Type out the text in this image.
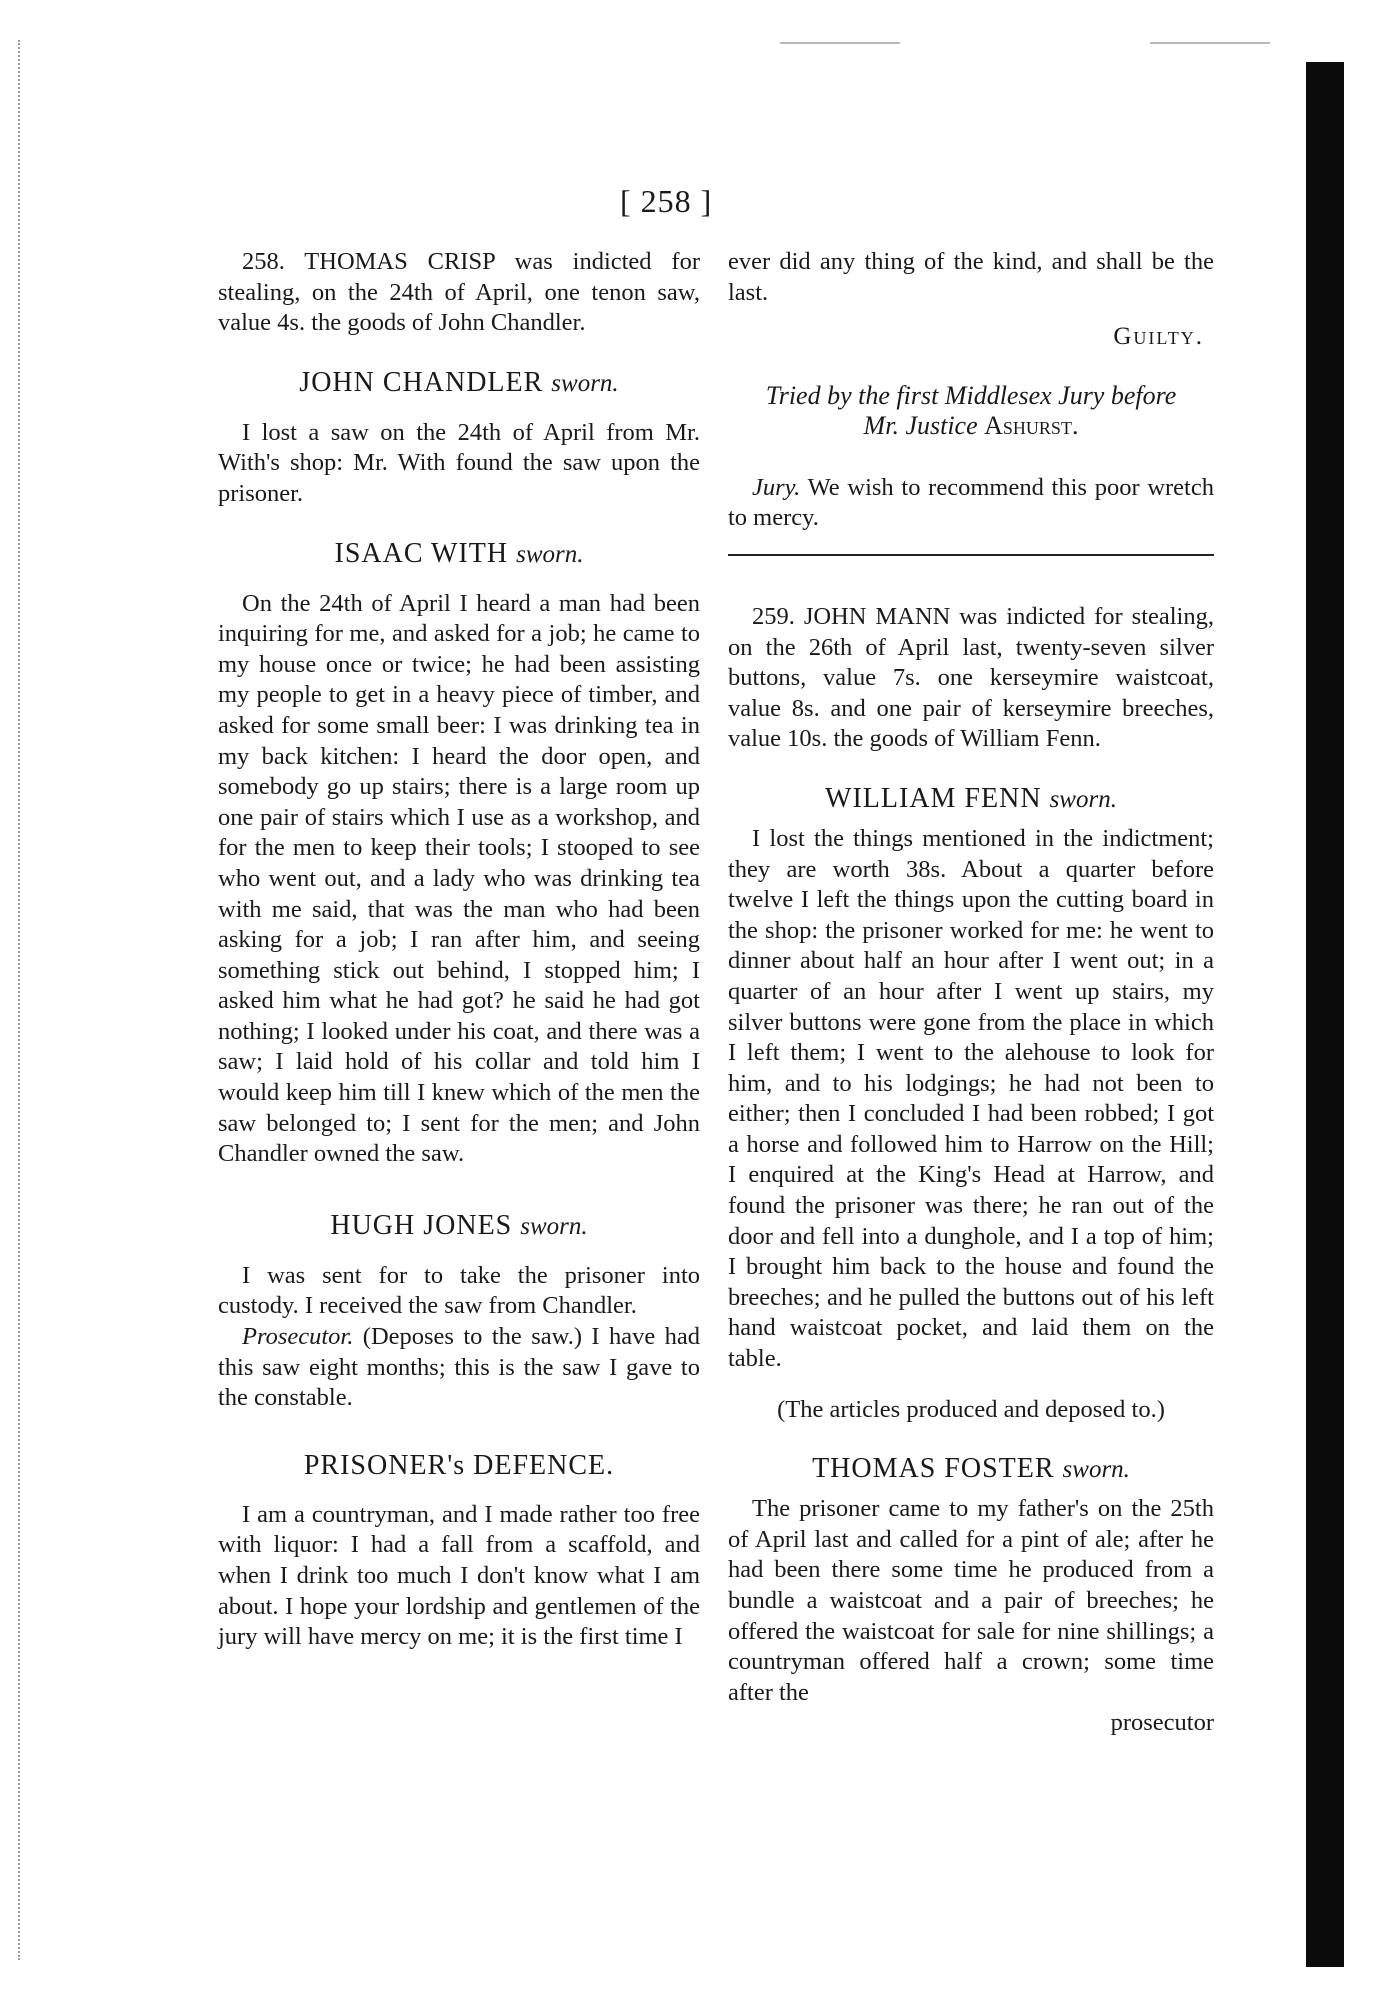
[ 258 ]

258. THOMAS CRISP was indicted for stealing, on the 24th of April, one tenon saw, value 4s. the goods of John Chandler.

JOHN CHANDLER sworn.

I lost a saw on the 24th of April from Mr. With's shop: Mr. With found the saw upon the prisoner.

ISAAC WITH sworn.

On the 24th of April I heard a man had been inquiring for me, and asked for a job; he came to my house once or twice; he had been assisting my people to get in a heavy piece of timber, and asked for some small beer: I was drinking tea in my back kitchen: I heard the door open, and somebody go up stairs; there is a large room up one pair of stairs which I use as a workshop, and for the men to keep their tools; I stooped to see who went out, and a lady who was drinking tea with me said, that was the man who had been asking for a job; I ran after him, and seeing something stick out behind, I stopped him; I asked him what he had got? he said he had got nothing; I looked under his coat, and there was a saw; I laid hold of his collar and told him I would keep him till I knew which of the men the saw belonged to; I sent for the men; and John Chandler owned the saw.

HUGH JONES sworn.

I was sent for to take the prisoner into custody. I received the saw from Chandler.

Prosecutor. (Deposes to the saw.) I have had this saw eight months; this is the saw I gave to the constable.

PRISONER's DEFENCE.

I am a countryman, and I made rather too free with liquor: I had a fall from a scaffold, and when I drink too much I don't know what I am about. I hope your lordship and gentlemen of the jury will have mercy on me; it is the first time I

ever did any thing of the kind, and shall be the last.

Guilty.
Tried by the first Middlesex Jury before
Mr. Justice Ashurst.

Jury. We wish to recommend this poor wretch to mercy.

259. JOHN MANN was indicted for stealing, on the 26th of April last, twenty-seven silver buttons, value 7s. one kerseymire waistcoat, value 8s. and one pair of kerseymire breeches, value 10s. the goods of William Fenn.

WILLIAM FENN sworn.

I lost the things mentioned in the indictment; they are worth 38s. About a quarter before twelve I left the things upon the cutting board in the shop: the prisoner worked for me: he went to dinner about half an hour after I went out; in a quarter of an hour after I went up stairs, my silver buttons were gone from the place in which I left them; I went to the alehouse to look for him, and to his lodgings; he had not been to either; then I concluded I had been robbed; I got a horse and followed him to Harrow on the Hill; I enquired at the King's Head at Harrow, and found the prisoner was there; he ran out of the door and fell into a dunghole, and I a top of him; I brought him back to the house and found the breeches; and he pulled the buttons out of his left hand waistcoat pocket, and laid them on the table.

(The articles produced and deposed to.)

THOMAS FOSTER sworn.

The prisoner came to my father's on the 25th of April last and called for a pint of ale; after he had been there some time he produced from a bundle a waistcoat and a pair of breeches; he offered the waistcoat for sale for nine shillings; a countryman offered half a crown; some time after the

prosecutor
